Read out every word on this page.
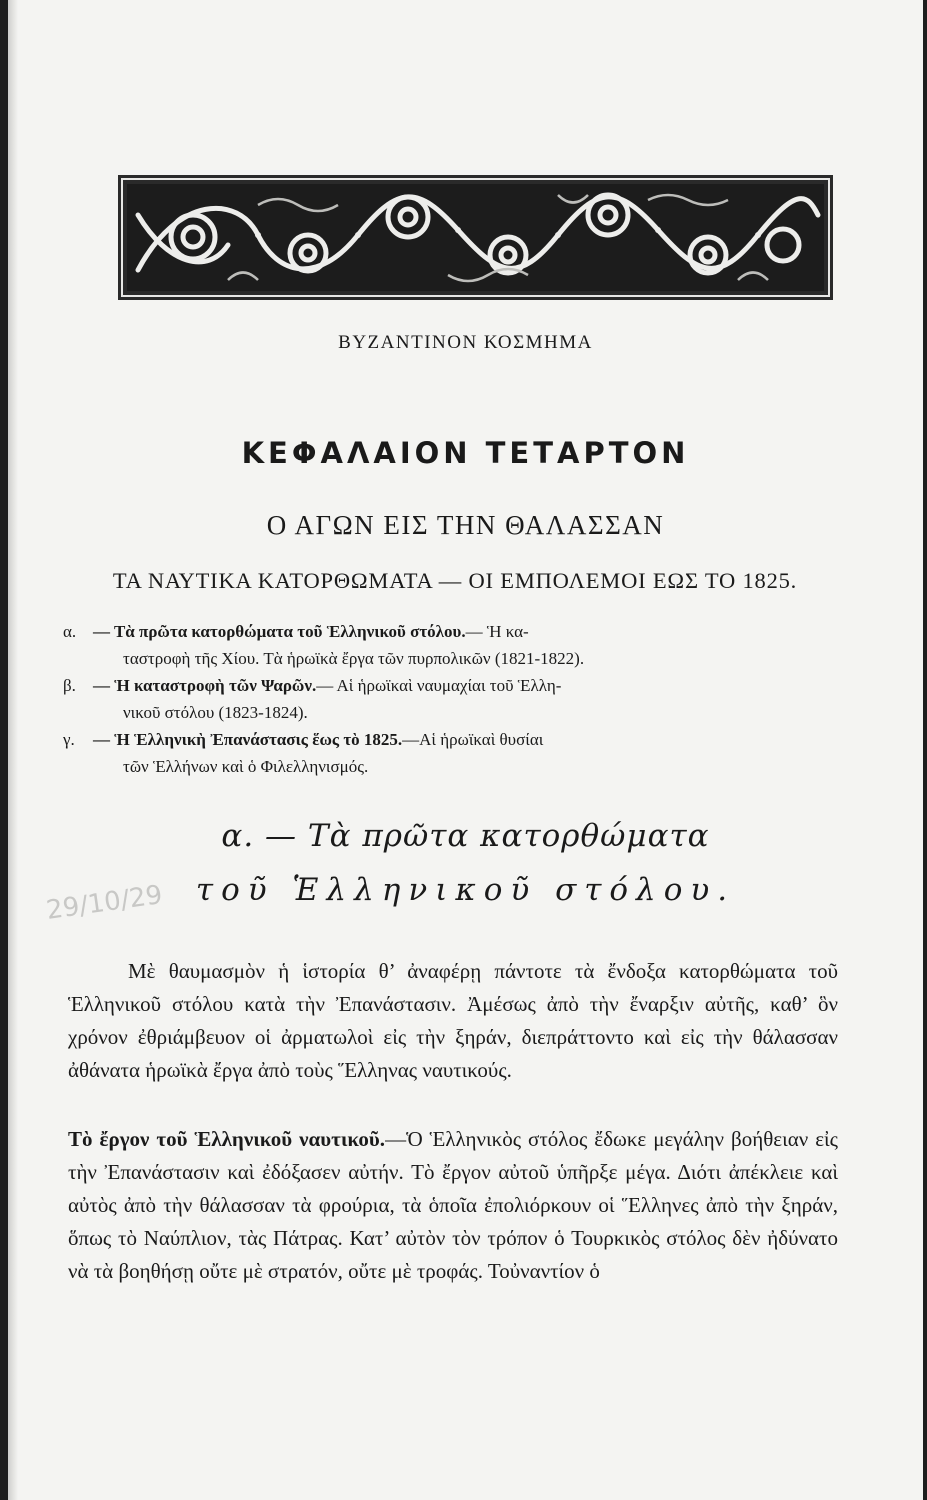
ΒΥΖΑΝΤΙΝΟΝ ΚΟΣΜΗΜΑ
ΚΕΦΑΛΑΙΟΝ ΤΕΤΑΡΤΟΝ
Ο ΑΓΩΝ ΕΙΣ ΤΗΝ ΘΑΛΑΣΣΑΝ
ΤΑ ΝΑΥΤΙΚΑ ΚΑΤΟΡΘΩΜΑΤΑ — ΟΙ ΕΜΠΟΛΕΜΟΙ ΕΩΣ ΤΟ 1825.
α. — Τὰ πρῶτα κατορθώματα τοῦ Ἑλληνικοῦ στόλου.— Ἡ κα-
ταστροφὴ τῆς Χίου. Τὰ ἡρωϊκὰ ἔργα τῶν πυρπολικῶν (1821-1822).
β. — Ἡ καταστροφὴ τῶν Ψαρῶν.— Αἱ ἡρωϊκαὶ ναυμαχίαι τοῦ Ἑλλη-
νικοῦ στόλου (1823-1824).
γ. — Ἡ Ἑλληνικὴ Ἐπανάστασις ἕως τὸ 1825.—Αἱ ἡρωϊκαὶ θυσίαι
τῶν Ἑλλήνων καὶ ὁ Φιλελληνισμός.
α. — Τὰ πρῶτα κατορθώματα
τοῦ Ἑλληνικοῦ στόλου.
29/10/29

Μὲ θαυμασμὸν ἡ ἱστορία θ’ ἀναφέρῃ πάντοτε τὰ ἔνδοξα κατορθώματα τοῦ Ἑλληνικοῦ στόλου κατὰ τὴν Ἐπανάστασιν. Ἀμέσως ἀπὸ τὴν ἔναρξιν αὐτῆς, καθ’ ὃν χρόνον ἐθριάμβευον οἱ ἀρματωλοὶ εἰς τὴν ξηράν, διεπράττοντο καὶ εἰς τὴν θάλασσαν ἀθάνατα ἡρωϊκὰ ἔργα ἀπὸ τοὺς Ἕλληνας ναυτικούς.

Τὸ ἔργον τοῦ Ἑλληνικοῦ ναυτικοῦ.—Ὁ Ἑλληνικὸς στόλος ἔδωκε μεγάλην βοήθειαν εἰς τὴν Ἐπανάστασιν καὶ ἐδόξασεν αὐτήν. Τὸ ἔργον αὐτοῦ ὑπῆρξε μέγα. Διότι ἀπέκλειε καὶ αὐτὸς ἀπὸ τὴν θάλασσαν τὰ φρούρια, τὰ ὁποῖα ἐπολιόρκουν οἱ Ἕλληνες ἀπὸ τὴν ξηράν, ὅπως τὸ Ναύπλιον, τὰς Πάτρας. Κατ’ αὐτὸν τὸν τρόπον ὁ Τουρκικὸς στόλος δὲν ἠδύνατο νὰ τὰ βοηθήσῃ οὔτε μὲ στρατόν, οὔτε μὲ τροφάς. Τοὐναντίον ὁ
